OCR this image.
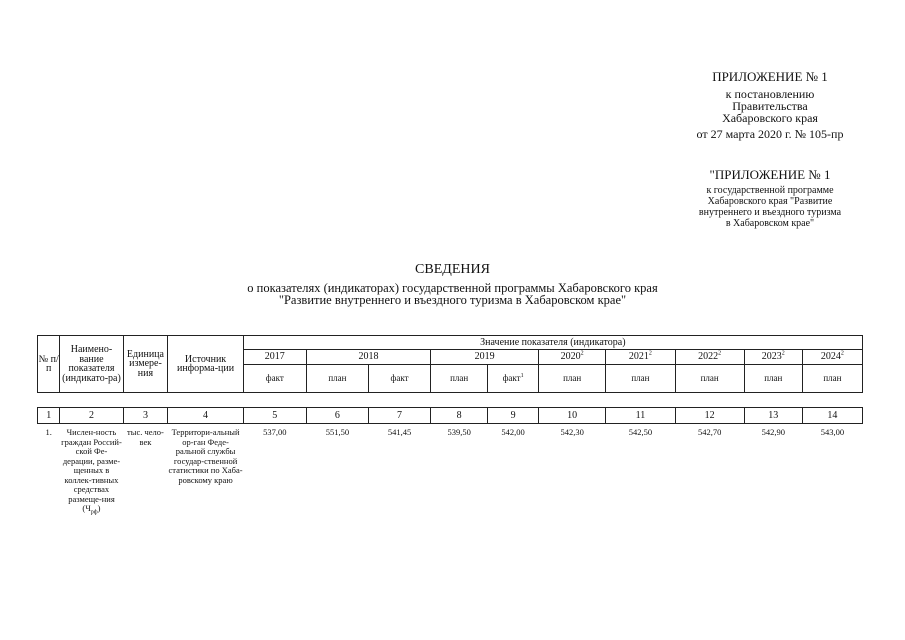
ПРИЛОЖЕНИЕ № 1
к постановлению
Правительства
Хабаровского края
от 27 марта 2020 г. № 105-пр
"ПРИЛОЖЕНИЕ № 1
к государственной программе
Хабаровского края "Развитие
внутреннего и въездного туризма
в Хабаровском крае"
СВЕДЕНИЯ
о показателях (индикаторах) государственной программы Хабаровского края
"Развитие внутреннего и въездного туризма в Хабаровском крае"
№ п/п	Наимено-вание показателя (индикато-ра)	Единица измере-ния	Источник информа-ции	Значение показателя (индикатора)									
				2017	2018		2019		2020$^2$	2021$^2$	2022$^2$	2023$^2$	2024$^2$
				факт	план	факт	план	факт$^1$	план	план	план	план	план

1	2	3	4	5	6	7	8	9	10	11	12	13	14
1.	Числен-ность граждан Россий-ской Фе-дерации, разме-щенных в коллек-тивных средствах размеще-ния $(Ч_{рф})$	тыс. чело-век	Территори-альный ор-ган Феде-ральной службы государ-ственной статистики по Хаба-ровскому краю	537,00	551,50	541,45	539,50	542,00	542,30	542,50	542,70	542,90	543,00
